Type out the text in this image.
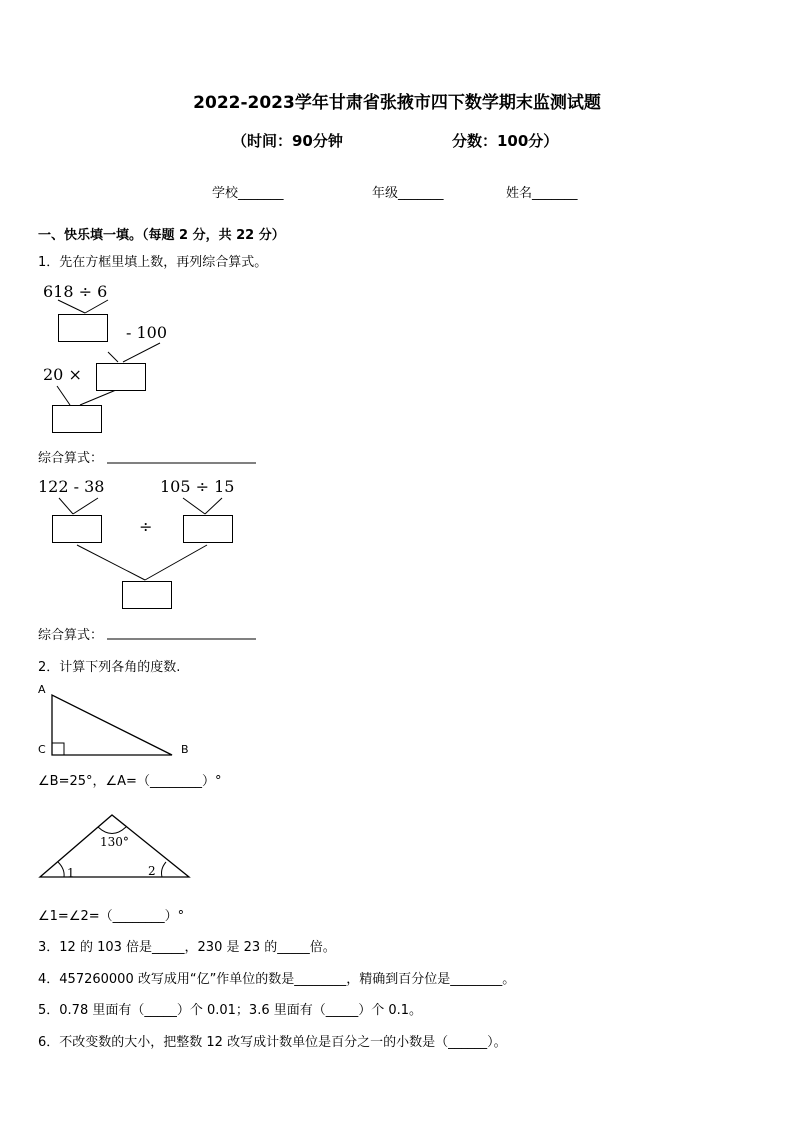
2022-2023学年甘肃省张掖市四下数学期末监测试题
（时间：90分钟	分数：100分）
学校_______	年级_______	姓名_______
一、快乐填一填。（每题 2 分，共 22 分）
1．先在方框里填上数，再列综合算式。
618 ÷ 6
- 100
20 ×
综合算式：
122 - 38	105 ÷ 15
÷
综合算式：
2．计算下列各角的度数.
A
C	B
∠B=25°，∠A=（________）°
130°
1	2
∠1=∠2=（________）°
3．12 的 103 倍是_____，230 是 23 的_____倍。
4．457260000 改写成用“亿”作单位的数是________，精确到百分位是________。
5．0.78 里面有（_____）个 0.01；3.6 里面有（_____）个 0.1。
6．不改变数的大小，把整数 12 改写成计数单位是百分之一的小数是（______）。
